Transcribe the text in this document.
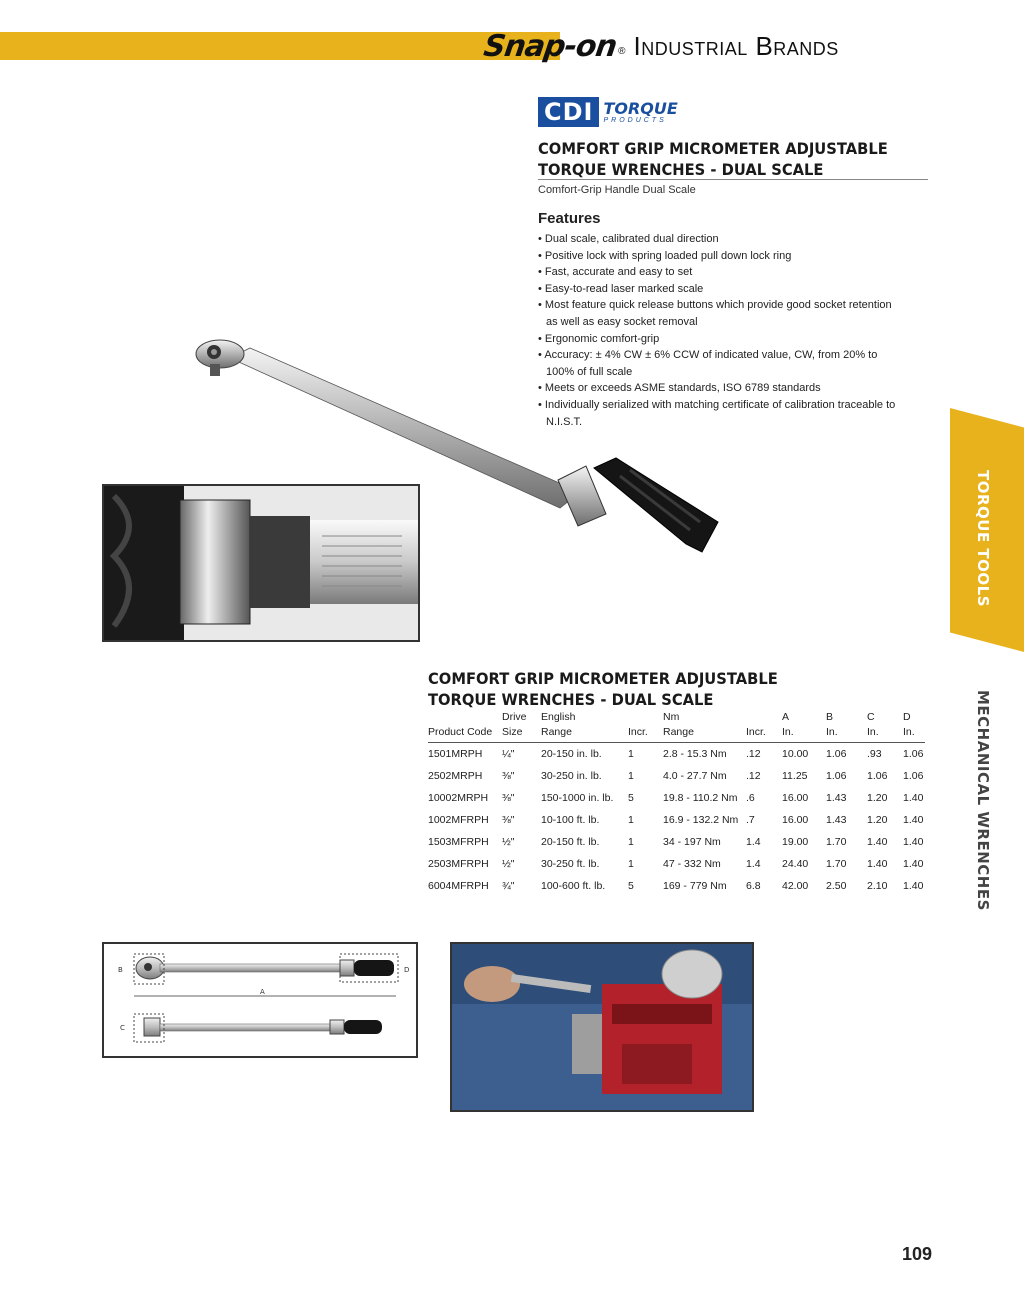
Snap-on ® Industrial Brands
CDI TORQUE
PRODUCTS
COMFORT GRIP MICROMETER ADJUSTABLE
TORQUE WRENCHES - DUAL SCALE
Comfort-Grip Handle Dual Scale
Features
• Dual scale, calibrated dual direction
• Positive lock with spring loaded pull down lock ring
• Fast, accurate and easy to set
• Easy-to-read laser marked scale
• Most feature quick release buttons which provide good socket retention as well as easy socket removal
• Ergonomic comfort-grip
• Accuracy: ± 4% CW ± 6% CCW of indicated value, CW, from 20% to 100% of full scale
• Meets or exceeds ASME standards, ISO 6789 standards
• Individually serialized with matching certificate of calibration traceable to N.I.S.T.
TORQUE TOOLS
MECHANICAL WRENCHES
COMFORT GRIP MICROMETER ADJUSTABLE
TORQUE WRENCHES - DUAL SCALE
	Drive	English		Nm		A	B	C	D
Product Code	Size	Range	Incr.	Range	Incr.	In.	In.	In.	In.
1501MRPH	¼"	20-150 in. lb.	1	2.8 - 15.3 Nm	.12	10.00	1.06	.93	1.06
2502MRPH	⅜"	30-250 in. lb.	1	4.0 - 27.7 Nm	.12	11.25	1.06	1.06	1.06
10002MRPH	⅜"	150-1000 in. lb.	5	19.8 - 110.2 Nm	.6	16.00	1.43	1.20	1.40
1002MFRPH	⅜"	10-100 ft. lb.	1	16.9 - 132.2 Nm	.7	16.00	1.43	1.20	1.40
1503MFRPH	½"	20-150 ft. lb.	1	34 - 197 Nm	1.4	19.00	1.70	1.40	1.40
2503MFRPH	½"	30-250 ft. lb.	1	47 - 332 Nm	1.4	24.40	1.70	1.40	1.40
6004MFRPH	¾"	100-600 ft. lb.	5	169 - 779 Nm	6.8	42.00	2.50	2.10	1.40
A
B	D
C
109
